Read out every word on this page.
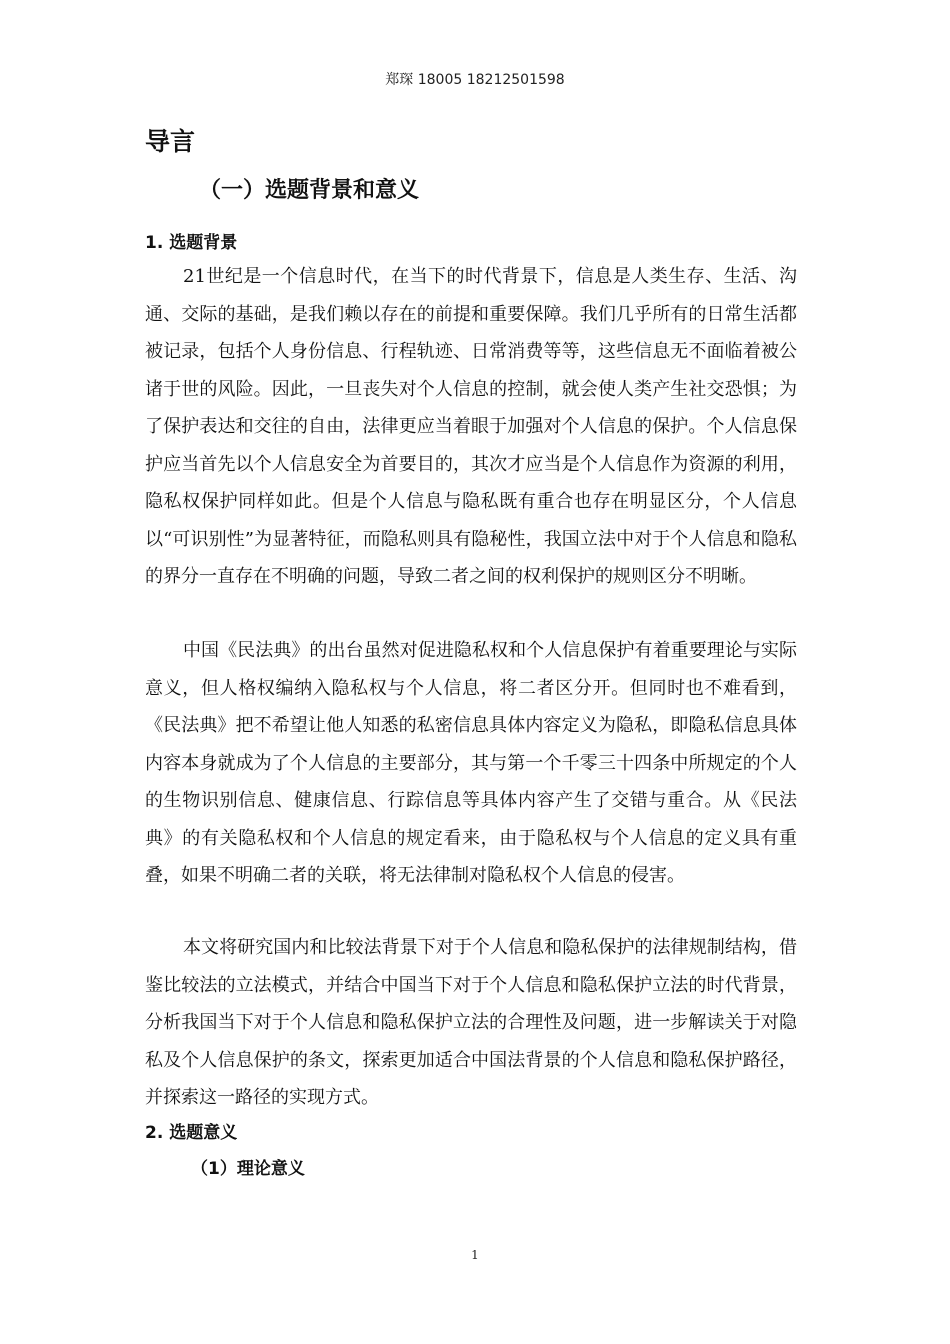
郑琛 18005 18212501598
导言
（一）选题背景和意义
1. 选题背景

21世纪是一个信息时代，在当下的时代背景下，信息是人类生存、生活、沟通、交际的基础，是我们赖以存在的前提和重要保障。我们几乎所有的日常生活都被记录，包括个人身份信息、行程轨迹、日常消费等等，这些信息无不面临着被公诸于世的风险。因此，一旦丧失对个人信息的控制，就会使人类产生社交恐惧；为了保护表达和交往的自由，法律更应当着眼于加强对个人信息的保护。个人信息保护应当首先以个人信息安全为首要目的，其次才应当是个人信息作为资源的利用，隐私权保护同样如此。但是个人信息与隐私既有重合也存在明显区分，个人信息以“可识别性”为显著特征，而隐私则具有隐秘性，我国立法中对于个人信息和隐私的界分一直存在不明确的问题，导致二者之间的权利保护的规则区分不明晰。

中国《民法典》的出台虽然对促进隐私权和个人信息保护有着重要理论与实际意义，但人格权编纳入隐私权与个人信息，将二者区分开。但同时也不难看到，《民法典》把不希望让他人知悉的私密信息具体内容定义为隐私，即隐私信息具体内容本身就成为了个人信息的主要部分，其与第一个千零三十四条中所规定的个人的生物识别信息、健康信息、行踪信息等具体内容产生了交错与重合。从《民法典》的有关隐私权和个人信息的规定看来，由于隐私权与个人信息的定义具有重叠，如果不明确二者的关联，将无法律制对隐私权个人信息的侵害。

本文将研究国内和比较法背景下对于个人信息和隐私保护的法律规制结构，借鉴比较法的立法模式，并结合中国当下对于个人信息和隐私保护立法的时代背景，分析我国当下对于个人信息和隐私保护立法的合理性及问题，进一步解读关于对隐私及个人信息保护的条文，探索更加适合中国法背景的个人信息和隐私保护路径，并探索这一路径的实现方式。

2. 选题意义
（1）理论意义
1
